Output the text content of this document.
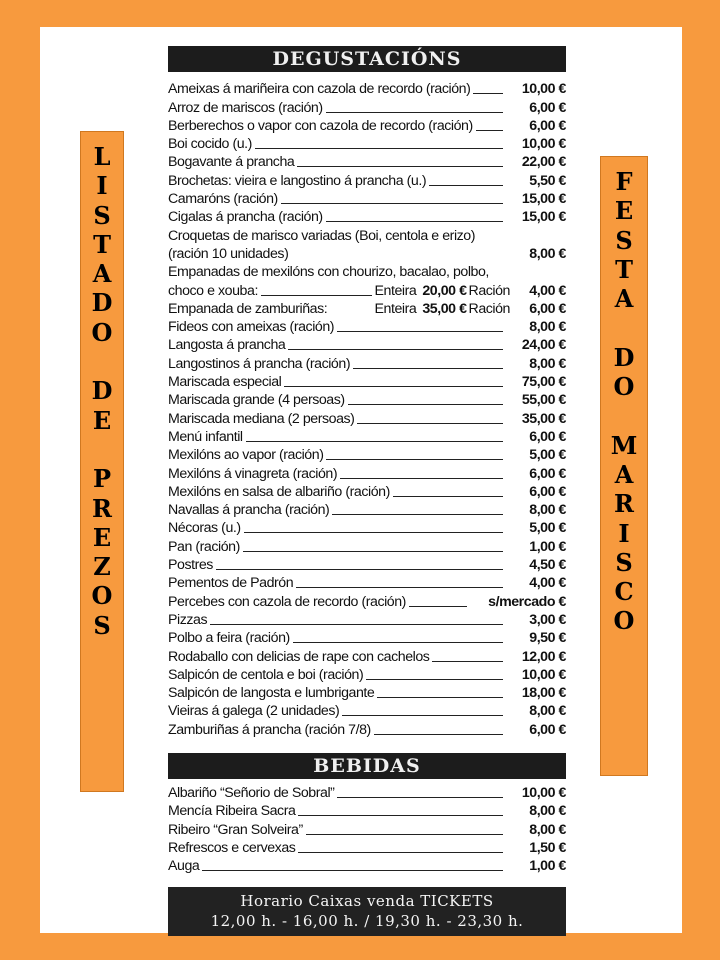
L
I
S
T
A
D
O
D
E
P
R
E
Z
O
S
F
E
S
T
A
D
O
M
A
R
I
S
C
O
DEGUSTACIÓNS
Ameixas á mariñeira con cazola de recordo (ración)	10,00 €
Arroz de mariscos (ración)	6,00 €
Berberechos o vapor con cazola de recordo (ración)	6,00 €
Boi cocido (u.)	10,00 €
Bogavante á prancha	22,00 €
Brochetas: vieira e langostino á prancha (u.)	5,50 €
Camaróns (ración)	15,00 €
Cigalas á prancha (ración)	15,00 €
Croquetas de marisco variadas (Boi, centola e erizo)
(ración 10 unidades)	8,00 €
Empanadas de mexilóns con chourizo, bacalao, polbo,
choco e xouba:	Enteira 20,00 € Ración	4,00 €
Empanada de zamburiñas:	Enteira 35,00 € Ración	6,00 €
Fideos con ameixas (ración)	8,00 €
Langosta á prancha	24,00 €
Langostinos á prancha (ración)	8,00 €
Mariscada especial	75,00 €
Mariscada grande (4 persoas)	55,00 €
Mariscada mediana (2 persoas)	35,00 €
Menú infantil	6,00 €
Mexilóns ao vapor (ración)	5,00 €
Mexilóns á vinagreta (ración)	6,00 €
Mexilóns en salsa de albariño (ración)	6,00 €
Navallas á prancha (ración)	8,00 €
Nécoras (u.)	5,00 €
Pan (ración)	1,00 €
Postres	4,50 €
Pementos de Padrón	4,00 €
Percebes con cazola de recordo (ración)	s/mercado €
Pizzas	3,00 €
Polbo a feira (ración)	9,50 €
Rodaballo con delicias de rape con cachelos	12,00 €
Salpicón de centola e boi (ración)	10,00 €
Salpicón de langosta e lumbrigante	18,00 €
Vieiras á galega (2 unidades)	8,00 €
Zamburiñas á prancha (ración 7/8)	6,00 €
BEBIDAS
Albariño “Señorio de Sobral”	10,00 €
Mencía Ribeira Sacra	8,00 €
Ribeiro “Gran Solveira”	8,00 €
Refrescos e cervexas	1,50 €
Auga	1,00 €
Horario Caixas venda TICKETS
12,00 h. - 16,00 h. / 19,30 h. - 23,30 h.
